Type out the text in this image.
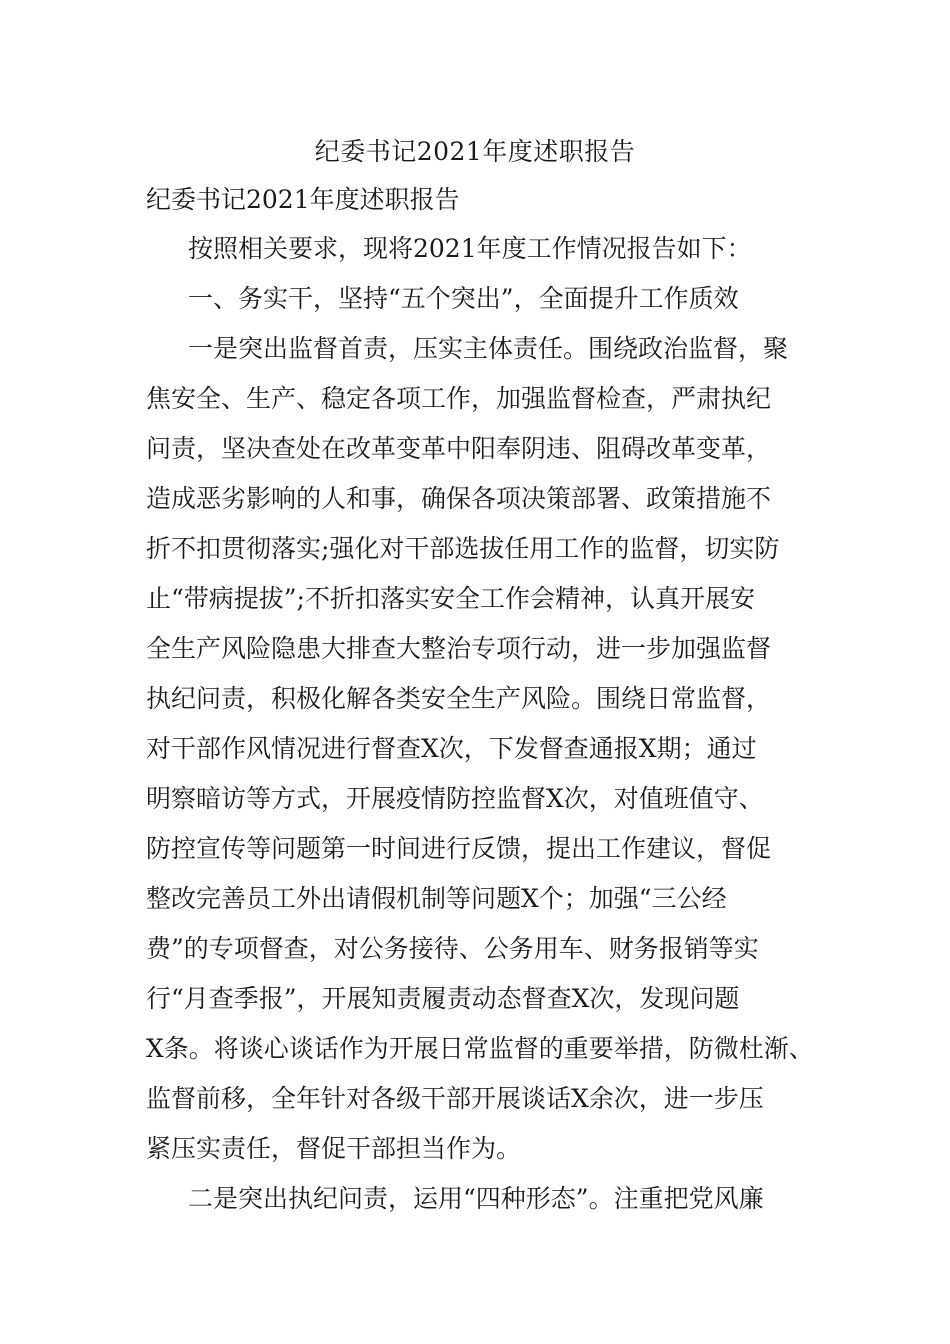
纪委书记2021年度述职报告
纪委书记2021年度述职报告
按照相关要求，现将2021年度工作情况报告如下：
一、务实干，坚持“五个突出”，全面提升工作质效
一是突出监督首责，压实主体责任。围绕政治监督，聚
焦安全、生产、稳定各项工作，加强监督检查，严肃执纪
问责，坚决查处在改革变革中阳奉阴违、阻碍改革变革，
造成恶劣影响的人和事，确保各项决策部署、政策措施不
折不扣贯彻落实;强化对干部选拔任用工作的监督，切实防
止“带病提拔”;不折扣落实安全工作会精神，认真开展安
全生产风险隐患大排查大整治专项行动，进一步加强监督
执纪问责，积极化解各类安全生产风险。围绕日常监督，
对干部作风情况进行督查X次，下发督查通报X期；通过
明察暗访等方式，开展疫情防控监督X次，对值班值守、
防控宣传等问题第一时间进行反馈，提出工作建议，督促
整改完善员工外出请假机制等问题X个；加强“三公经
费”的专项督查，对公务接待、公务用车、财务报销等实
行“月查季报”，开展知责履责动态督查X次，发现问题
X条。将谈心谈话作为开展日常监督的重要举措，防微杜渐、
监督前移，全年针对各级干部开展谈话X余次，进一步压
紧压实责任，督促干部担当作为。
二是突出执纪问责，运用“四种形态”。注重把党风廉
